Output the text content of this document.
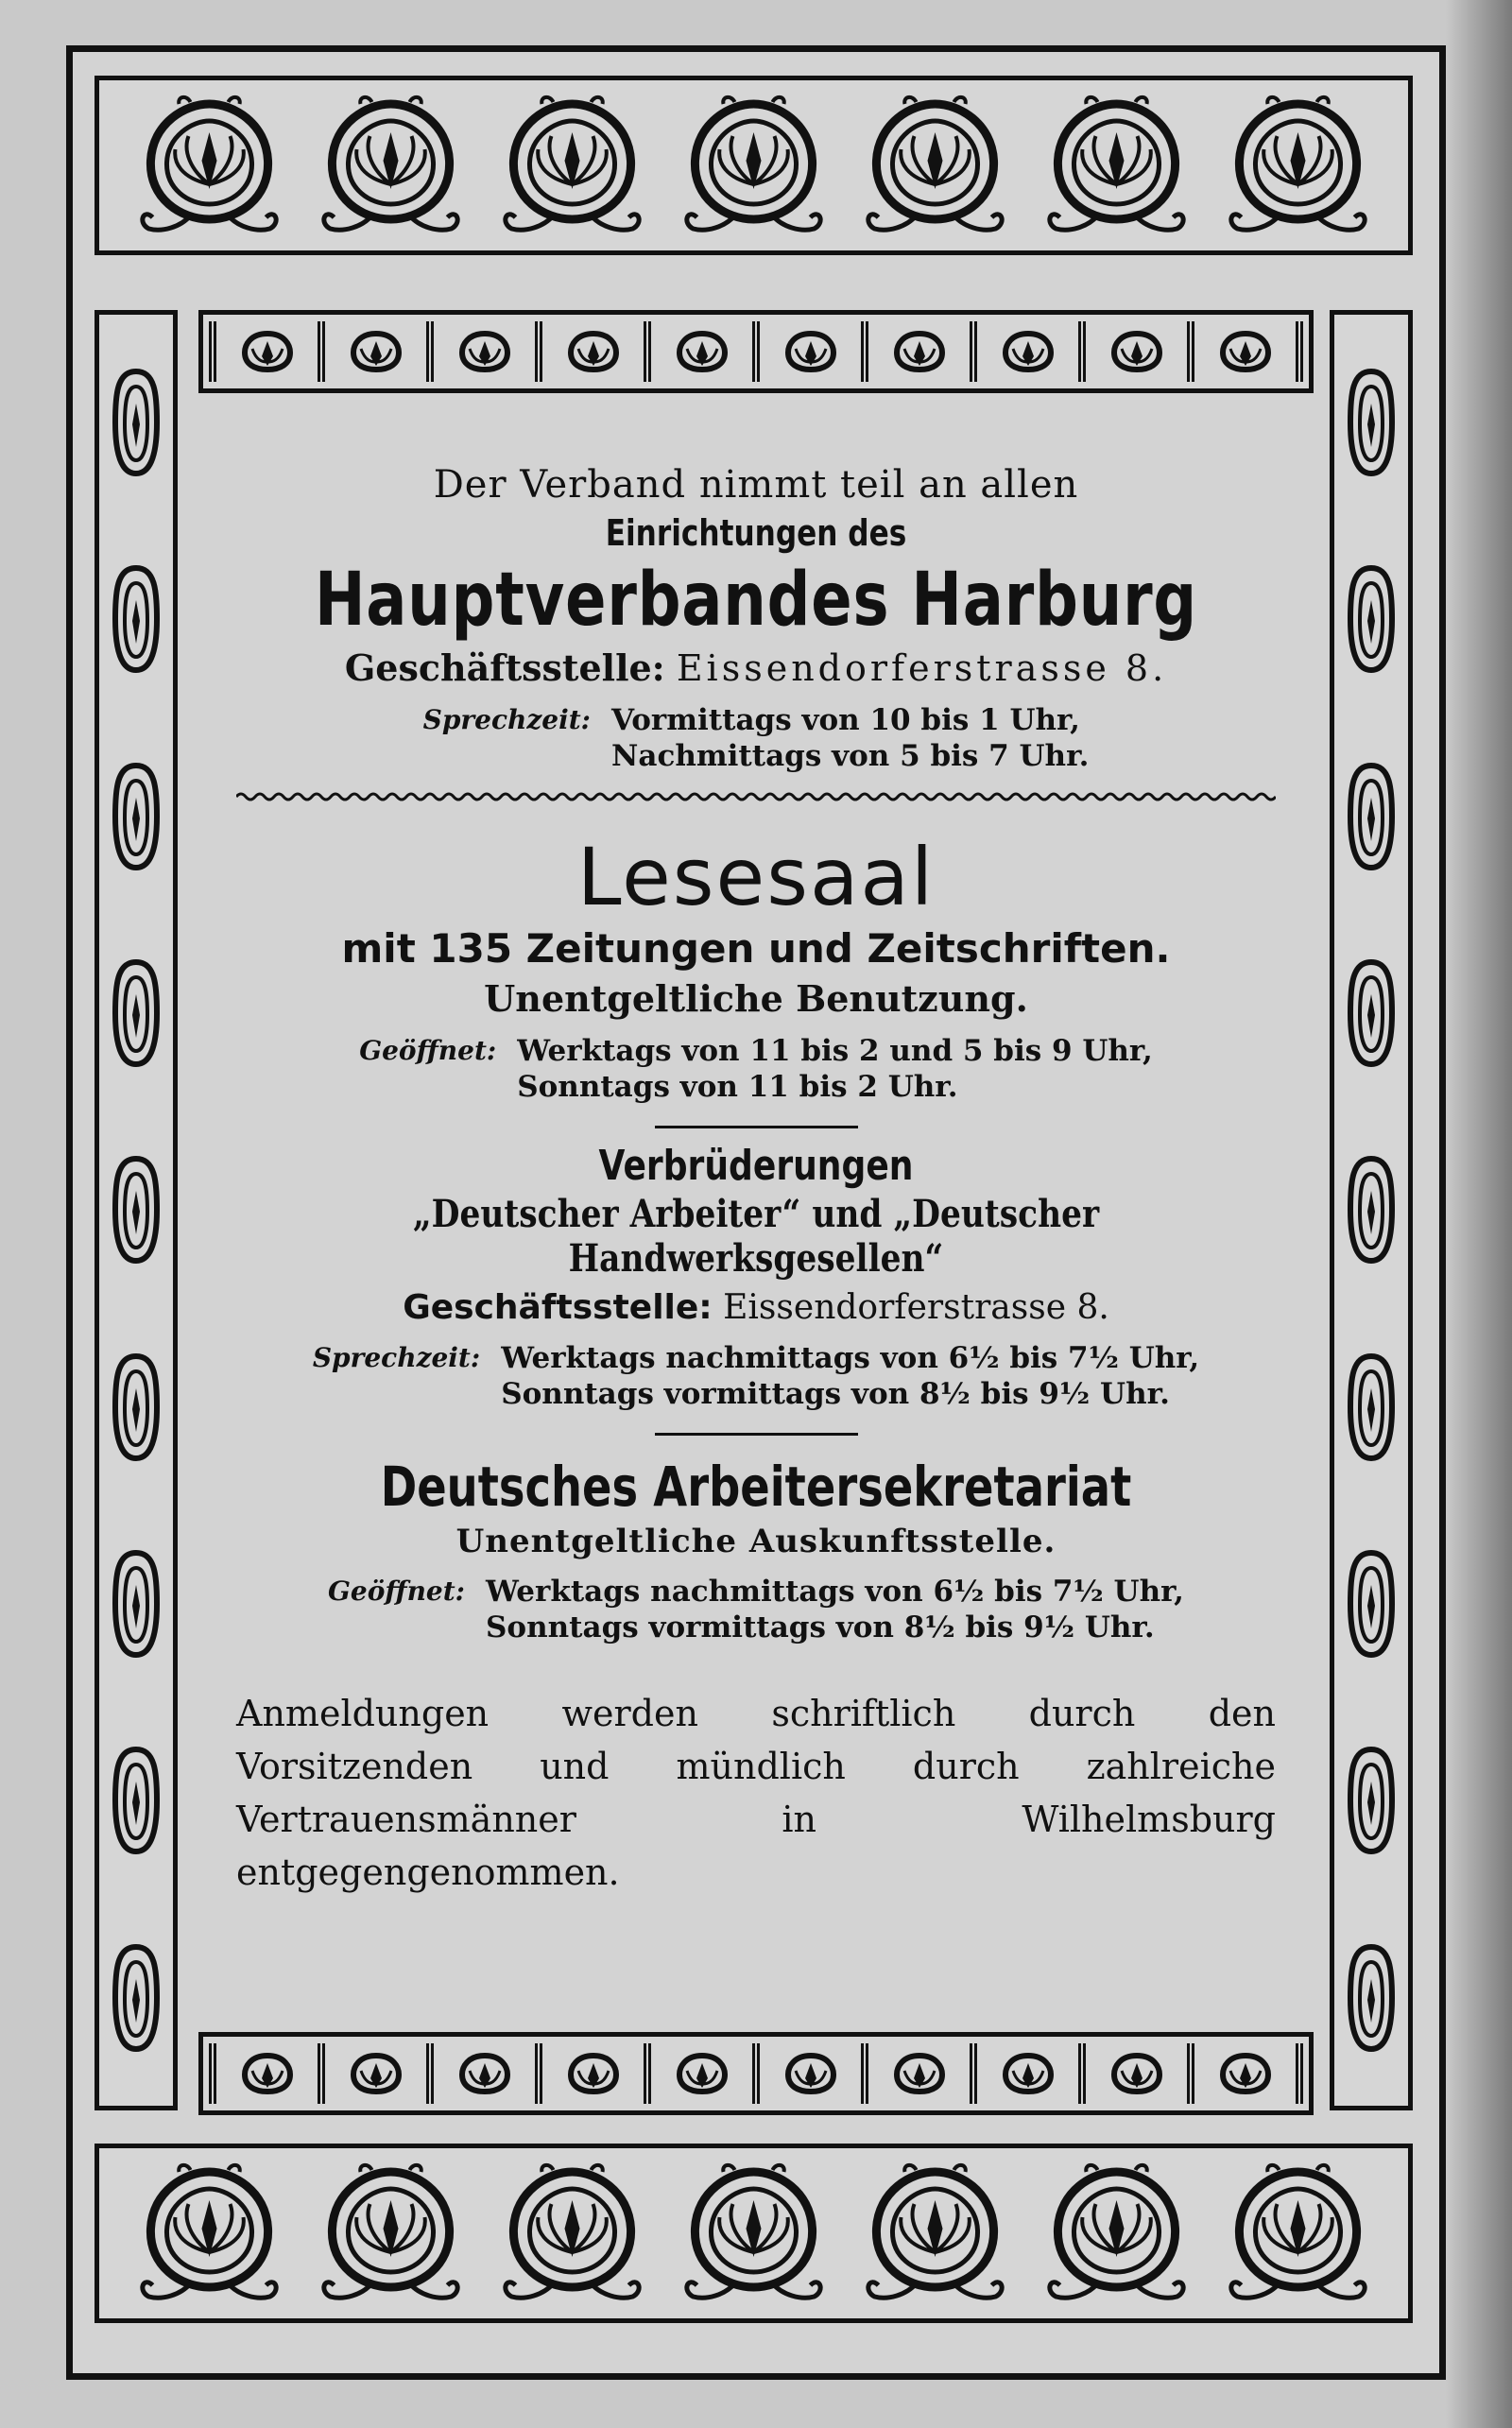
Der Verband nimmt teil an allen
Einrichtungen des
Hauptverbandes Harburg
Geschäftsstelle: Eissendorferstrasse 8.
Sprechzeit: Vormittags von 10 bis 1 Uhr,
Nachmittags von 5 bis 7 Uhr.
Lesesaal
mit 135 Zeitungen und Zeitschriften.
Unentgeltliche Benutzung.
Geöffnet: Werktags von 11 bis 2 und 5 bis 9 Uhr,
Sonntags von 11 bis 2 Uhr.
Verbrüderungen
„Deutscher Arbeiter“ und „Deutscher Handwerksgesellen“
Geschäftsstelle: Eissendorferstrasse 8.
Sprechzeit: Werktags nachmittags von 6½ bis 7½ Uhr,
Sonntags vormittags von 8½ bis 9½ Uhr.
Deutsches Arbeitersekretariat
Unentgeltliche Auskunftsstelle.
Geöffnet: Werktags nachmittags von 6½ bis 7½ Uhr,
Sonntags vormittags von 8½ bis 9½ Uhr.
Anmeldungen werden schriftlich durch den Vorsitzenden und mündlich durch zahlreiche Vertrauensmänner in Wilhelmsburg entgegengenommen.
